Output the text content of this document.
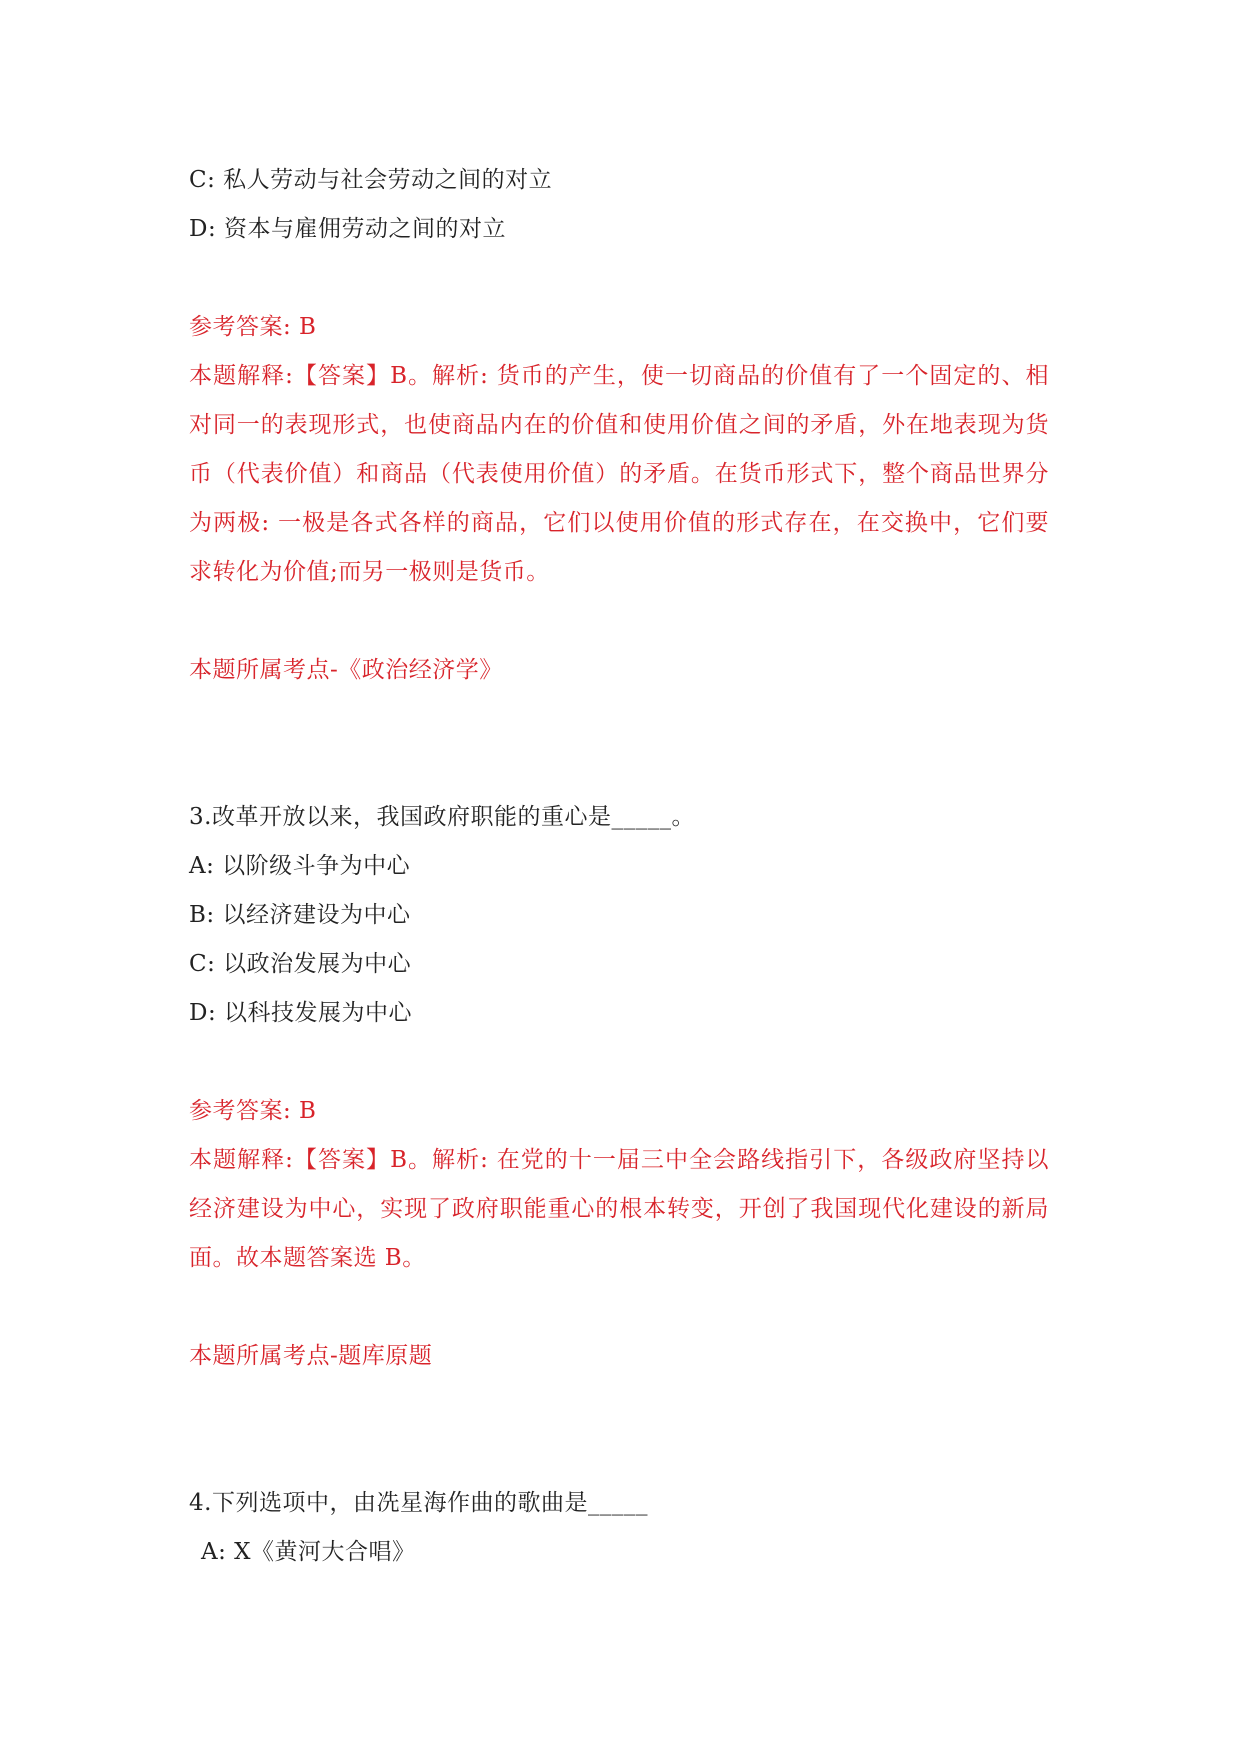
C: 私人劳动与社会劳动之间的对立
D: 资本与雇佣劳动之间的对立
参考答案: B
本题解释:【答案】B。解析: 货币的产生，使一切商品的价值有了一个固定的、相对同一的表现形式，也使商品内在的价值和使用价值之间的矛盾，外在地表现为货币（代表价值）和商品（代表使用价值）的矛盾。在货币形式下，整个商品世界分为两极: 一极是各式各样的商品，它们以使用价值的形式存在，在交换中，它们要求转化为价值;而另一极则是货币。
本题所属考点-《政治经济学》
3.改革开放以来，我国政府职能的重心是_____。
A: 以阶级斗争为中心
B: 以经济建设为中心
C: 以政治发展为中心
D: 以科技发展为中心
参考答案: B
本题解释:【答案】B。解析: 在党的十一届三中全会路线指引下，各级政府坚持以经济建设为中心，实现了政府职能重心的根本转变，开创了我国现代化建设的新局面。故本题答案选 B。
本题所属考点-题库原题
4.下列选项中，由冼星海作曲的歌曲是_____
A: X《黄河大合唱》
